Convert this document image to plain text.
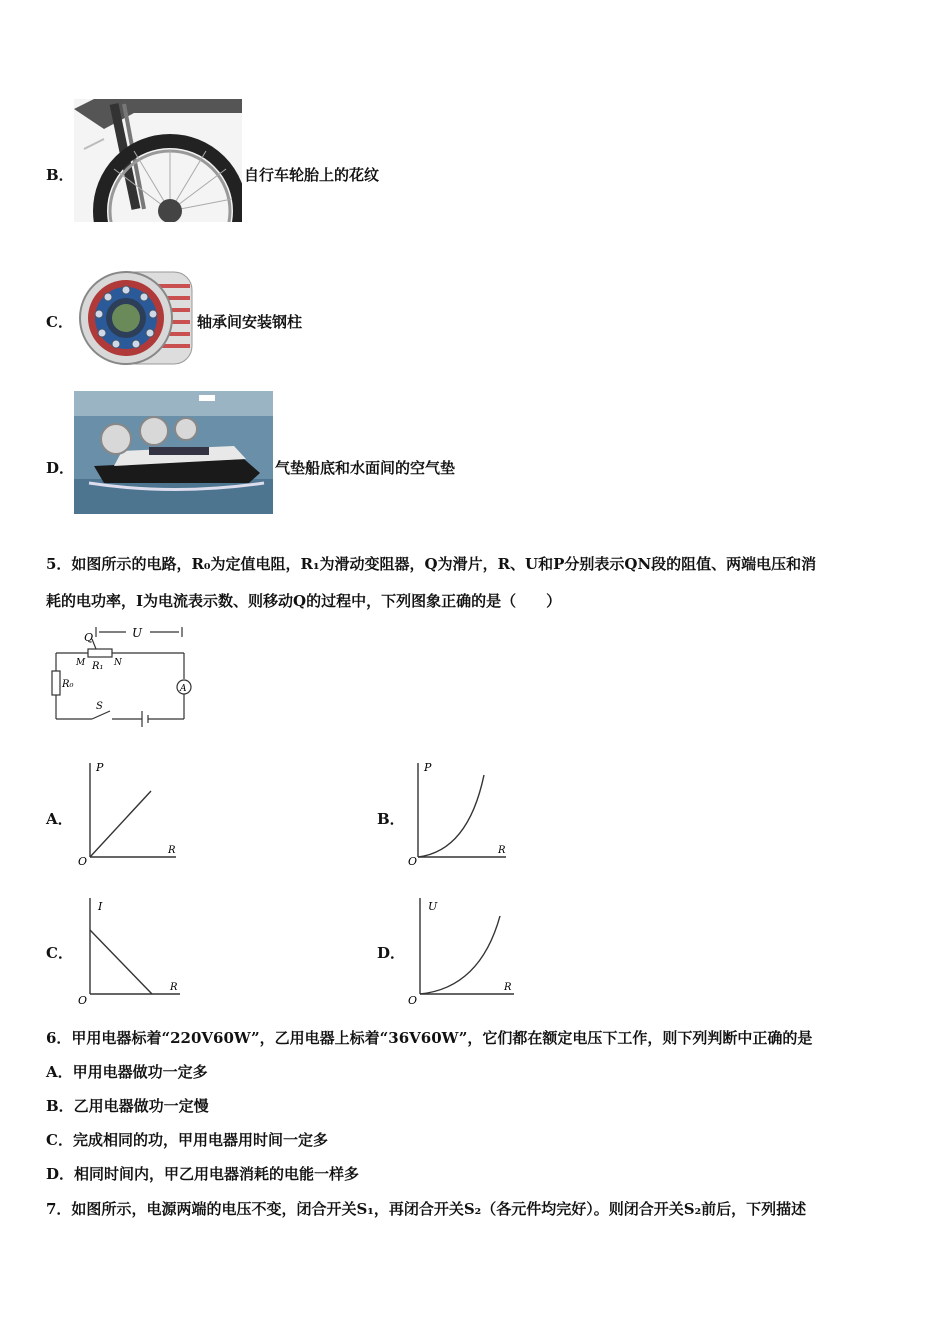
B．	自行车轮胎上的花纹
C．	轴承间安装钢柱
D．	气垫船底和水面间的空气垫
5．如图所示的电路，R₀为定值电阻，R₁为滑动变阻器，Q为滑片，R、U和P分别表示QN段的阻值、两端电压和消
耗的电功率，I为电流表示数、则移动Q的过程中，下列图象正确的是（　　）
U
Q
M	N
R₁
R₀
S
A
A．
P
R
O
B．
P
R
O
C．
I
R
O
D．
U
R
O
6．甲用电器标着“220V60W”，乙用电器上标着“36V60W”，它们都在额定电压下工作，则下列判断中正确的是
A．甲用电器做功一定多
B．乙用电器做功一定慢
C．完成相同的功，甲用电器用时间一定多
D．相同时间内，甲乙用电器消耗的电能一样多
7．如图所示，电源两端的电压不变，闭合开关S₁，再闭合开关S₂（各元件均完好）。则闭合开关S₂前后，下列描述
